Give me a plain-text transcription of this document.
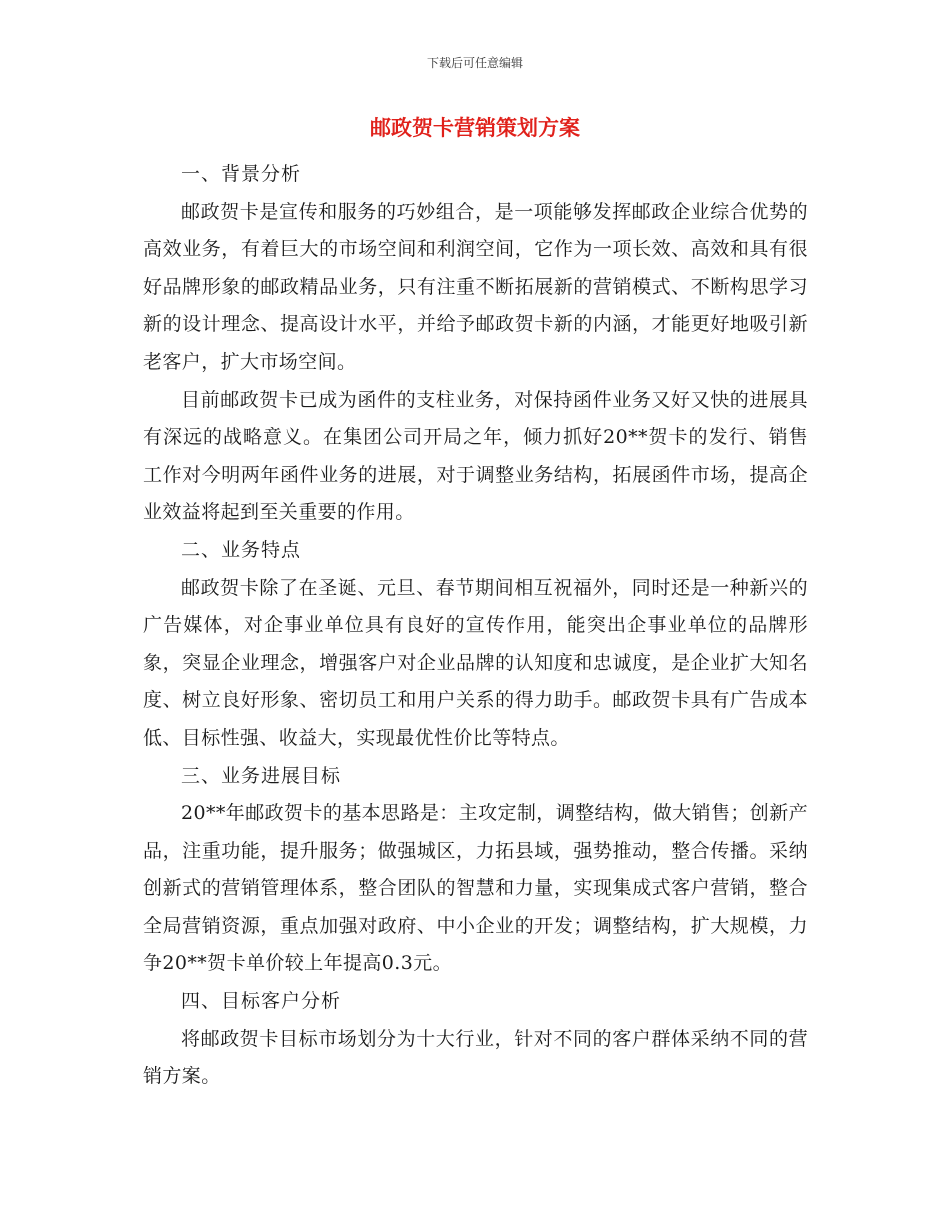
下载后可任意编辑
邮政贺卡营销策划方案

一、背景分析

邮政贺卡是宣传和服务的巧妙组合，是一项能够发挥邮政企业综合优势的高效业务，有着巨大的市场空间和利润空间，它作为一项长效、高效和具有很好品牌形象的邮政精品业务，只有注重不断拓展新的营销模式、不断构思学习新的设计理念、提高设计水平，并给予邮政贺卡新的内涵，才能更好地吸引新老客户，扩大市场空间。

目前邮政贺卡已成为函件的支柱业务，对保持函件业务又好又快的进展具有深远的战略意义。在集团公司开局之年，倾力抓好20**贺卡的发行、销售工作对今明两年函件业务的进展，对于调整业务结构，拓展函件市场，提高企业效益将起到至关重要的作用。

二、业务特点

邮政贺卡除了在圣诞、元旦、春节期间相互祝福外，同时还是一种新兴的广告媒体，对企事业单位具有良好的宣传作用，能突出企事业单位的品牌形象，突显企业理念，增强客户对企业品牌的认知度和忠诚度，是企业扩大知名度、树立良好形象、密切员工和用户关系的得力助手。邮政贺卡具有广告成本低、目标性强、收益大，实现最优性价比等特点。

三、业务进展目标

20**年邮政贺卡的基本思路是：主攻定制，调整结构，做大销售；创新产品，注重功能，提升服务；做强城区，力拓县域，强势推动，整合传播。采纳创新式的营销管理体系，整合团队的智慧和力量，实现集成式客户营销，整合全局营销资源，重点加强对政府、中小企业的开发；调整结构，扩大规模，力争20**贺卡单价较上年提高0.3元。

四、目标客户分析

将邮政贺卡目标市场划分为十大行业，针对不同的客户群体采纳不同的营销方案。
